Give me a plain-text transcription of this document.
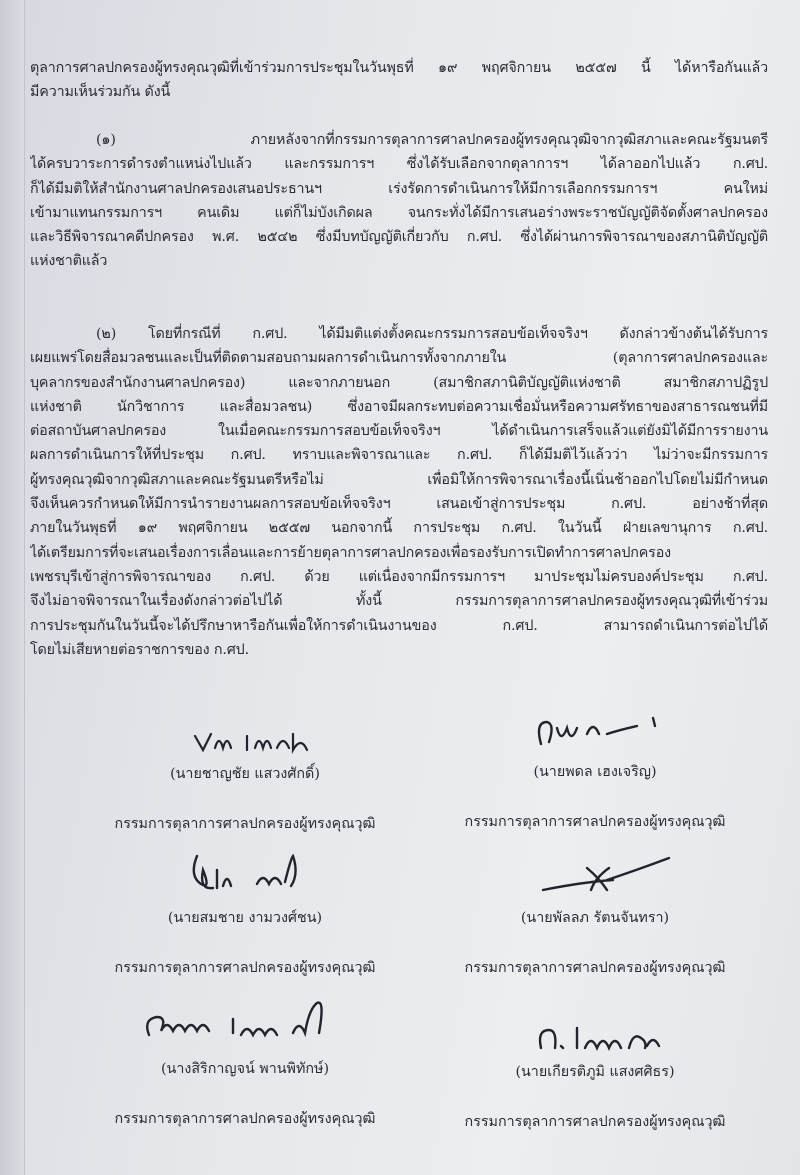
ตุลาการศาลปกครองผู้ทรงคุณวุฒิที่เข้าร่วมการประชุมในวันพุธที่ ๑๙ พฤศจิกายน ๒๕๕๗ นี้ ได้หารือกันแล้ว
มีความเห็นร่วมกัน ดังนี้
(๑) ภายหลังจากที่กรรมการตุลาการศาลปกครองผู้ทรงคุณวุฒิจากวุฒิสภาและคณะรัฐมนตรี
ได้ครบวาระการดำรงตำแหน่งไปแล้ว และกรรมการฯ ซึ่งได้รับเลือกจากตุลาการฯ ได้ลาออกไปแล้ว ก.ศป.
ก็ได้มีมติให้สำนักงานศาลปกครองเสนอประธานฯ เร่งรัดการดำเนินการให้มีการเลือกกรรมการฯ คนใหม่
เข้ามาแทนกรรมการฯ คนเดิม แต่ก็ไม่บังเกิดผล จนกระทั่งได้มีการเสนอร่างพระราชบัญญัติจัดตั้งศาลปกครอง
และวิธีพิจารณาคดีปกครอง พ.ศ. ๒๕๔๒ ซึ่งมีบทบัญญัติเกี่ยวกับ ก.ศป. ซึ่งได้ผ่านการพิจารณาของสภานิติบัญญัติ
แห่งชาติแล้ว
(๒) โดยที่กรณีที่ ก.ศป. ได้มีมติแต่งตั้งคณะกรรมการสอบข้อเท็จจริงฯ ดังกล่าวข้างต้นได้รับการ
เผยแพร่โดยสื่อมวลชนและเป็นที่ติดตามสอบถามผลการดำเนินการทั้งจากภายใน (ตุลาการศาลปกครองและ
บุคลากรของสำนักงานศาลปกครอง) และจากภายนอก (สมาชิกสภานิติบัญญัติแห่งชาติ สมาชิกสภาปฏิรูป
แห่งชาติ นักวิชาการ และสื่อมวลชน) ซึ่งอาจมีผลกระทบต่อความเชื่อมั่นหรือความศรัทธาของสาธารณชนที่มี
ต่อสถาบันศาลปกครอง ในเมื่อคณะกรรมการสอบข้อเท็จจริงฯ ได้ดำเนินการเสร็จแล้วแต่ยังมิได้มีการรายงาน
ผลการดำเนินการให้ที่ประชุม ก.ศป. ทราบและพิจารณาและ ก.ศป. ก็ได้มีมติไว้แล้วว่า ไม่ว่าจะมีกรรมการ
ผู้ทรงคุณวุฒิจากวุฒิสภาและคณะรัฐมนตรีหรือไม่ เพื่อมิให้การพิจารณาเรื่องนี้เนิ่นช้าออกไปโดยไม่มีกำหนด
จึงเห็นควรกำหนดให้มีการนำรายงานผลการสอบข้อเท็จจริงฯ เสนอเข้าสู่การประชุม ก.ศป. อย่างช้าที่สุด
ภายในวันพุธที่ ๑๙ พฤศจิกายน ๒๕๕๗ นอกจากนี้ การประชุม ก.ศป. ในวันนี้ ฝ่ายเลขานุการ ก.ศป.
ได้เตรียมการที่จะเสนอเรื่องการเลื่อนและการย้ายตุลาการศาลปกครองเพื่อรองรับการเปิดทำการศาลปกครอง
เพชรบุรีเข้าสู่การพิจารณาของ ก.ศป. ด้วย แต่เนื่องจากมีกรรมการฯ มาประชุมไม่ครบองค์ประชุม ก.ศป.
จึงไม่อาจพิจารณาในเรื่องดังกล่าวต่อไปได้ ทั้งนี้ กรรมการตุลาการศาลปกครองผู้ทรงคุณวุฒิที่เข้าร่วม
การประชุมกันในวันนี้จะได้ปรึกษาหารือกันเพื่อให้การดำเนินงานของ ก.ศป. สามารถดำเนินการต่อไปได้
โดยไม่เสียหายต่อราชการของ ก.ศป.
(นายชาญชัย แสวงศักดิ์)
กรรมการตุลาการศาลปกครองผู้ทรงคุณวุฒิ
(นายพดล เฮงเจริญ)
กรรมการตุลาการศาลปกครองผู้ทรงคุณวุฒิ
(นายสมชาย งามวงศ์ชน)
กรรมการตุลาการศาลปกครองผู้ทรงคุณวุฒิ
(นายพัลลภ รัตนจันทรา)
กรรมการตุลาการศาลปกครองผู้ทรงคุณวุฒิ
(นางสิริกาญจน์ พานพิทักษ์)
กรรมการตุลาการศาลปกครองผู้ทรงคุณวุฒิ
(นายเกียรติภูมิ แสงศศิธร)
กรรมการตุลาการศาลปกครองผู้ทรงคุณวุฒิ
